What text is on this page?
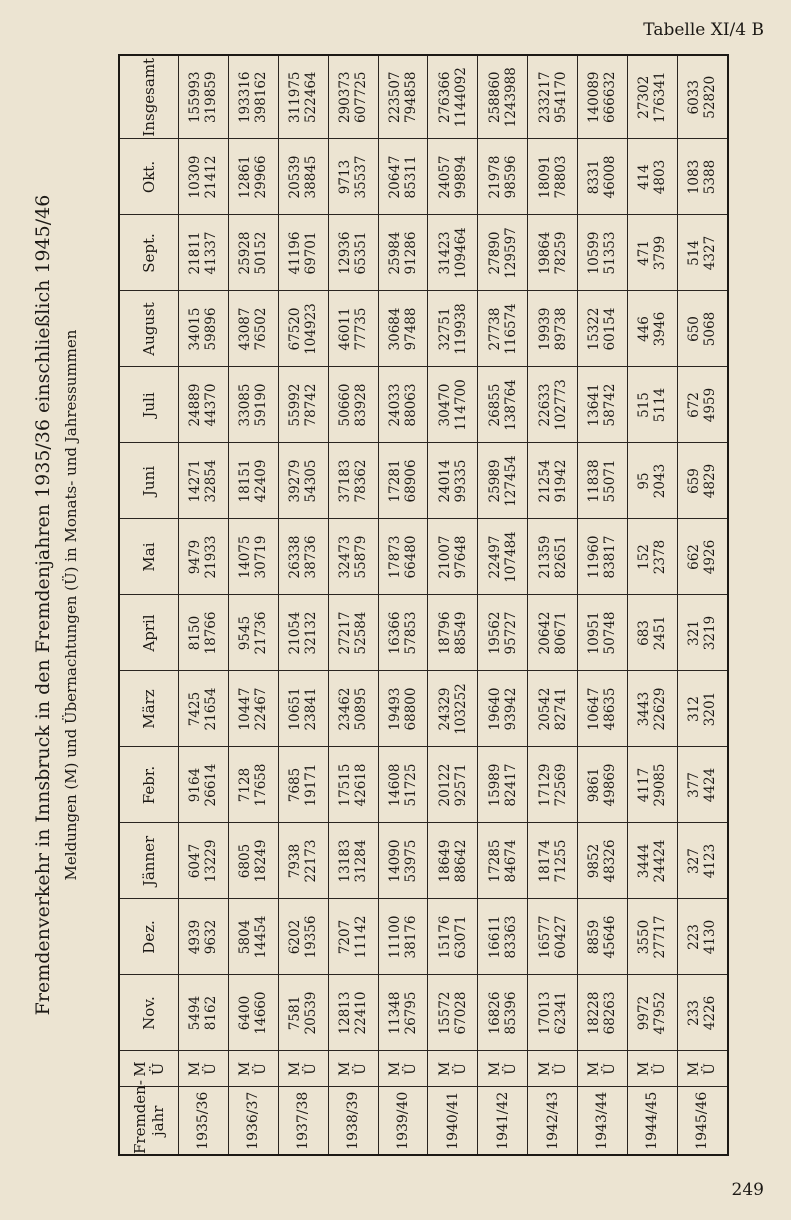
Tabelle XI/4 B
Fremdenverkehr in Innsbruck in den Fremdenjahren 1935/36 einschließlich 1945/46 Meldungen (M) und Übernachtungen (Ü) in Monats- und Jahressummen
Fremden- jahr	M Ü	Nov.	Dez.	Jänner	Febr.	März	April	Mai	Juni	Juli	August	Sept.	Okt.	Insgesamt
1935/36	M Ü	5494 8162	4939 9632	6047 13229	9164 26614	7425 21654	8150 18766	9479 21933	14271 32854	24889 44370	34015 59896	21811 41337	10309 21412	155993 319859

1936/37	M Ü	6400 14660	5804 14454	6805 18249	7128 17658	10447 22467	9545 21736	14075 30719	18151 42409	33085 59190	43087 76502	25928 50152	12861 29966	193316 398162

1937/38	M Ü	7581 20539	6202 19356	7938 22173	7685 19171	10651 23841	21054 32132	26338 38736	39279 54305	55992 78742	67520 104923	41196 69701	20539 38845	311975 522464

1938/39	M Ü	12813 22410	7207 11142	13183 31284	17515 42618	23462 50895	27217 52584	32473 55879	37183 78362	50660 83928	46011 77735	12936 65351	9713 35537	290373 607725

1939/40	M Ü	11348 26795	11100 38176	14090 53975	14608 51725	19493 68800	16366 57853	17873 66480	17281 68906	24033 88063	30684 97488	25984 91286	20647 85311	223507 794858

1940/41	M Ü	15572 67028	15176 63071	18649 88642	20122 92571	24329 103252	18796 88549	21007 97648	24014 99335	30470 114700	32751 119938	31423 109464	24057 99894	276366 1144092

1941/42	M Ü	16826 85396	16611 83363	17285 84674	15989 82417	19640 93942	19562 95727	22497 107484	25989 127454	26855 138764	27738 116574	27890 129597	21978 98596	258860 1243988

1942/43	M Ü	17013 62341	16577 60427	18174 71255	17129 72569	20542 82741	20642 80671	21359 82651	21254 91942	22633 102773	19939 89738	19864 78259	18091 78803	233217 954170

1943/44	M Ü	18228 68263	8859 45646	9852 48326	9861 49869	10647 48635	10951 50748	11960 83817	11838 55071	13641 58742	15322 60154	10599 51353	8331 46008	140089 666632

1944/45	M Ü	9972 47952	3550 27717	3444 24424	4117 29085	3443 22629	683 2451	152 2378	95 2043	515 5114	446 3946	471 3799	414 4803	27302 176341

1945/46	M Ü	233 4226	223 4130	327 4123	377 4424	312 3201	321 3219	662 4926	659 4829	672 4959	650 5068	514 4327	1083 5388	6033 52820
249
